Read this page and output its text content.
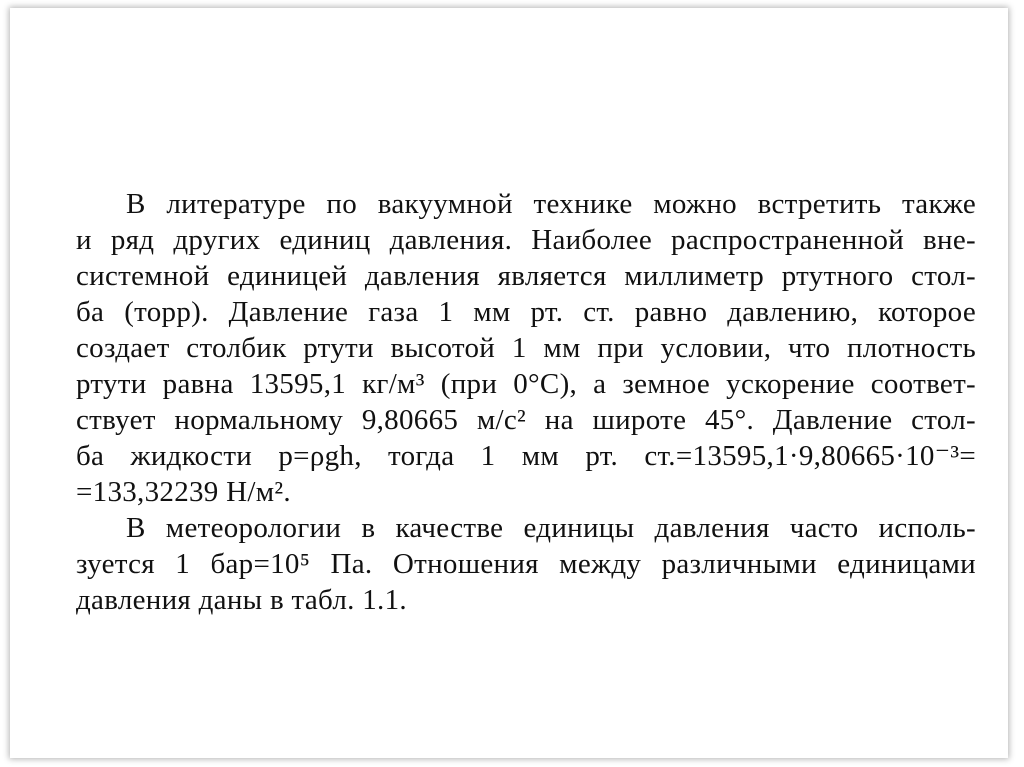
В литературе по вакуумной технике можно встретить также
и ряд других единиц давления. Наиболее распространенной вне-
системной единицей давления является миллиметр ртутного стол-
ба (торр). Давление газа 1 мм рт. ст. равно давлению, которое
создает столбик ртути высотой 1 мм при условии, что плотность
ртути равна 13595,1 кг/м³ (при 0°С), а земное ускорение соответ-
ствует нормальному 9,80665 м/с² на широте 45°. Давление стол-
ба жидкости p=ρgh, тогда 1 мм рт. ст.=13595,1·9,80665·10⁻³=
=133,32239 Н/м².
В метеорологии в качестве единицы давления часто исполь-
зуется 1 бар=10⁵ Па. Отношения между различными единицами
давления даны в табл. 1.1.
